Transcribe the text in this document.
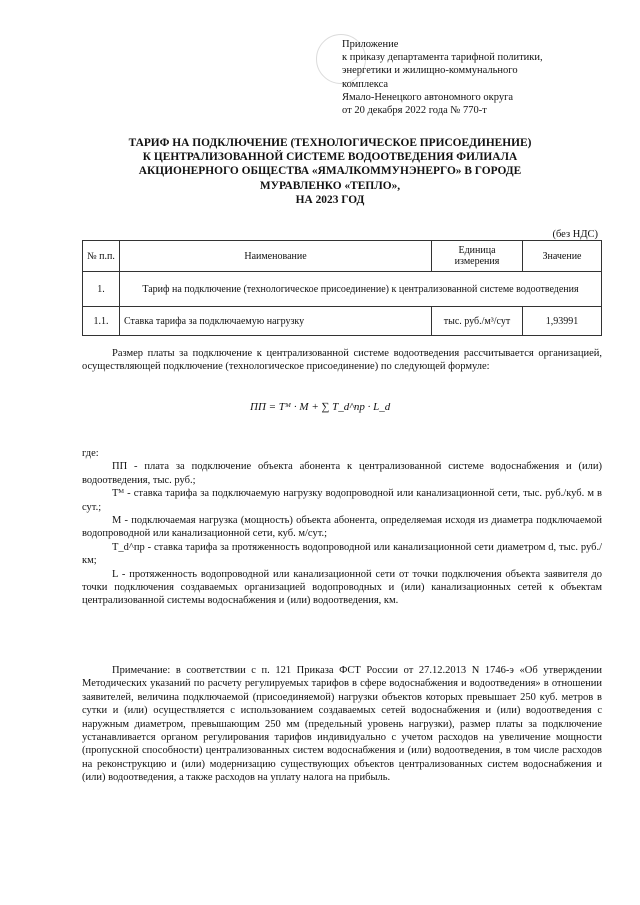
Приложение
к приказу департамента тарифной политики,
энергетики и жилищно-коммунального
комплекса
Ямало-Ненецкого автономного округа
от 20 декабря 2022 года № 770-т
ТАРИФ НА ПОДКЛЮЧЕНИЕ (ТЕХНОЛОГИЧЕСКОЕ ПРИСОЕДИНЕНИЕ)
К ЦЕНТРАЛИЗОВАННОЙ СИСТЕМЕ ВОДООТВЕДЕНИЯ ФИЛИАЛА
АКЦИОНЕРНОГО ОБЩЕСТВА «ЯМАЛКОММУНЭНЕРГО» В ГОРОДЕ
МУРАВЛЕНКО «ТЕПЛО»,
НА 2023 ГОД
(без НДС)
№ п.п.	Наименование	Единица измерения	Значение
1.	Тариф на подключение (технологическое присоединение) к централизованной системе водоотведения		
1.1.	Ставка тарифа за подключаемую нагрузку	тыс. руб./м³/сут	1,93991

Размер платы за подключение к централизованной системе водоотведения рассчитывается организацией, осуществляющей подключение (технологическое присоединение) по следующей формуле:

ПП = Tᴹ · M + ∑ T_d^пр · L_d

где:

ПП - плата за подключение объекта абонента к централизованной системе водоснабжения и (или) водоотведения, тыс. руб.;

Tᴹ - ставка тарифа за подключаемую нагрузку водопроводной или канализационной сети, тыс. руб./куб. м в сут.;

M - подключаемая нагрузка (мощность) объекта абонента, определяемая исходя из диаметра подключаемой водопроводной или канализационной сети, куб. м/сут.;

T_d^пр - ставка тарифа за протяженность водопроводной или канализационной сети диаметром d, тыс. руб./км;

L - протяженность водопроводной или канализационной сети от точки подключения объекта заявителя до точки подключения создаваемых организацией водопроводных и (или) канализационных сетей к объектам централизованной системы водоснабжения и (или) водоотведения, км.

Примечание: в соответствии с п. 121 Приказа ФСТ России от 27.12.2013 N 1746-э «Об утверждении Методических указаний по расчету регулируемых тарифов в сфере водоснабжения и водоотведения» в отношении заявителей, величина подключаемой (присоединяемой) нагрузки объектов которых превышает 250 куб. метров в сутки и (или) осуществляется с использованием создаваемых сетей водоснабжения и (или) водоотведения с наружным диаметром, превышающим 250 мм (предельный уровень нагрузки), размер платы за подключение устанавливается органом регулирования тарифов индивидуально с учетом расходов на увеличение мощности (пропускной способности) централизованных систем водоснабжения и (или) водоотведения, в том числе расходов на реконструкцию и (или) модернизацию существующих объектов централизованных систем водоснабжения и (или) водоотведения, а также расходов на уплату налога на прибыль.
